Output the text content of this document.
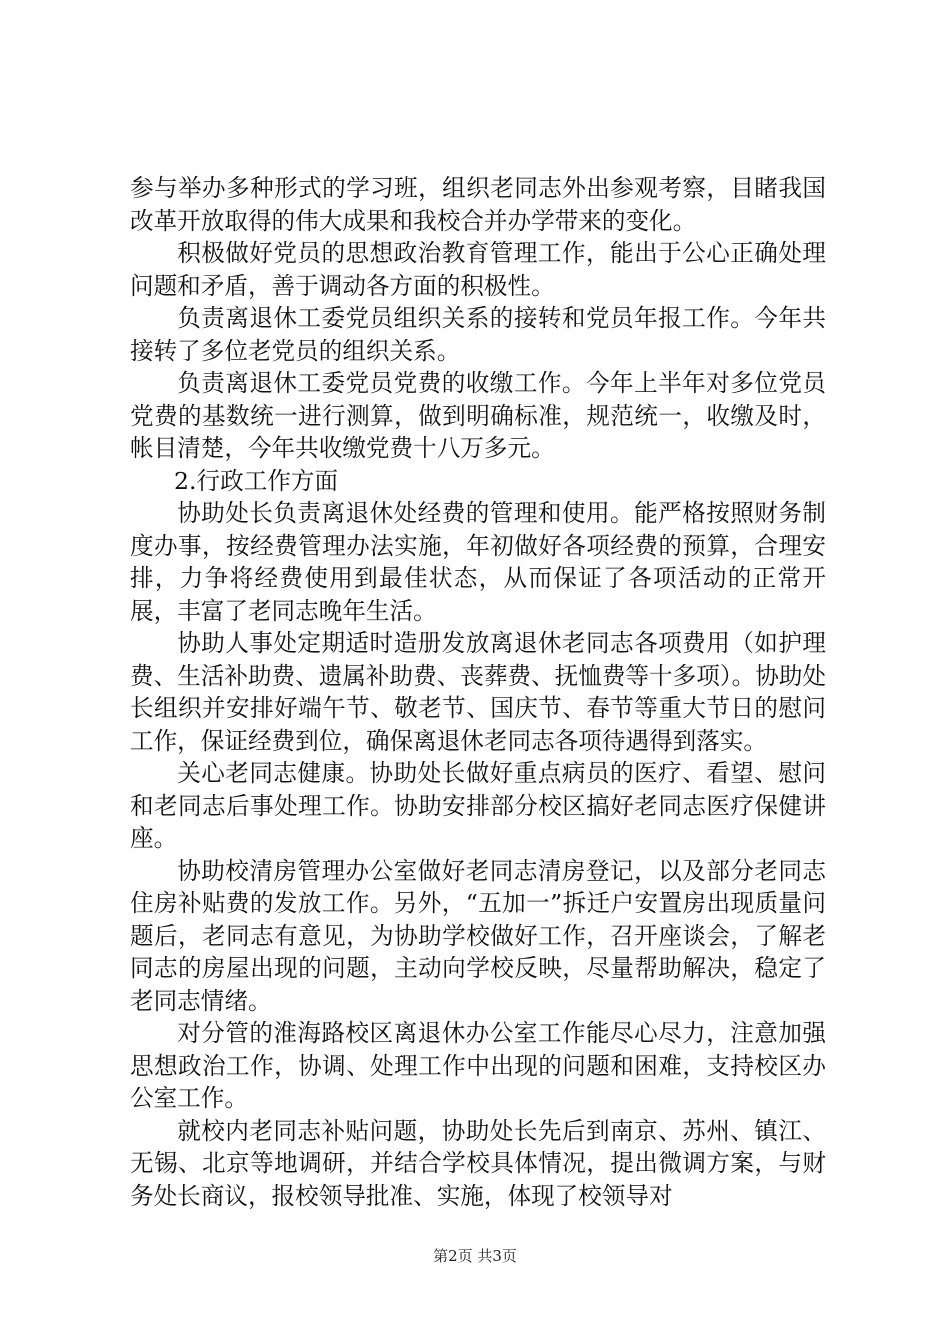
参与举办多种形式的学习班，组织老同志外出参观考察，目睹我国改革开放取得的伟大成果和我校合并办学带来的变化。

积极做好党员的思想政治教育管理工作，能出于公心正确处理问题和矛盾，善于调动各方面的积极性。

负责离退休工委党员组织关系的接转和党员年报工作。今年共接转了多位老党员的组织关系。

负责离退休工委党员党费的收缴工作。今年上半年对多位党员党费的基数统一进行测算，做到明确标准，规范统一，收缴及时，帐目清楚，今年共收缴党费十八万多元。

2.行政工作方面

协助处长负责离退休处经费的管理和使用。能严格按照财务制度办事，按经费管理办法实施，年初做好各项经费的预算，合理安排，力争将经费使用到最佳状态，从而保证了各项活动的正常开展，丰富了老同志晚年生活。

协助人事处定期适时造册发放离退休老同志各项费用（如护理费、生活补助费、遗属补助费、丧葬费、抚恤费等十多项）。协助处长组织并安排好端午节、敬老节、国庆节、春节等重大节日的慰问工作，保证经费到位，确保离退休老同志各项待遇得到落实。

关心老同志健康。协助处长做好重点病员的医疗、看望、慰问和老同志后事处理工作。协助安排部分校区搞好老同志医疗保健讲座。

协助校清房管理办公室做好老同志清房登记，以及部分老同志住房补贴费的发放工作。另外，“五加一”拆迁户安置房出现质量问题后，老同志有意见，为协助学校做好工作，召开座谈会，了解老同志的房屋出现的问题，主动向学校反映，尽量帮助解决，稳定了老同志情绪。

对分管的淮海路校区离退休办公室工作能尽心尽力，注意加强思想政治工作，协调、处理工作中出现的问题和困难，支持校区办公室工作。

就校内老同志补贴问题，协助处长先后到南京、苏州、镇江、无锡、北京等地调研，并结合学校具体情况，提出微调方案，与财务处长商议，报校领导批准、实施，体现了校领导对

第2页 共3页
